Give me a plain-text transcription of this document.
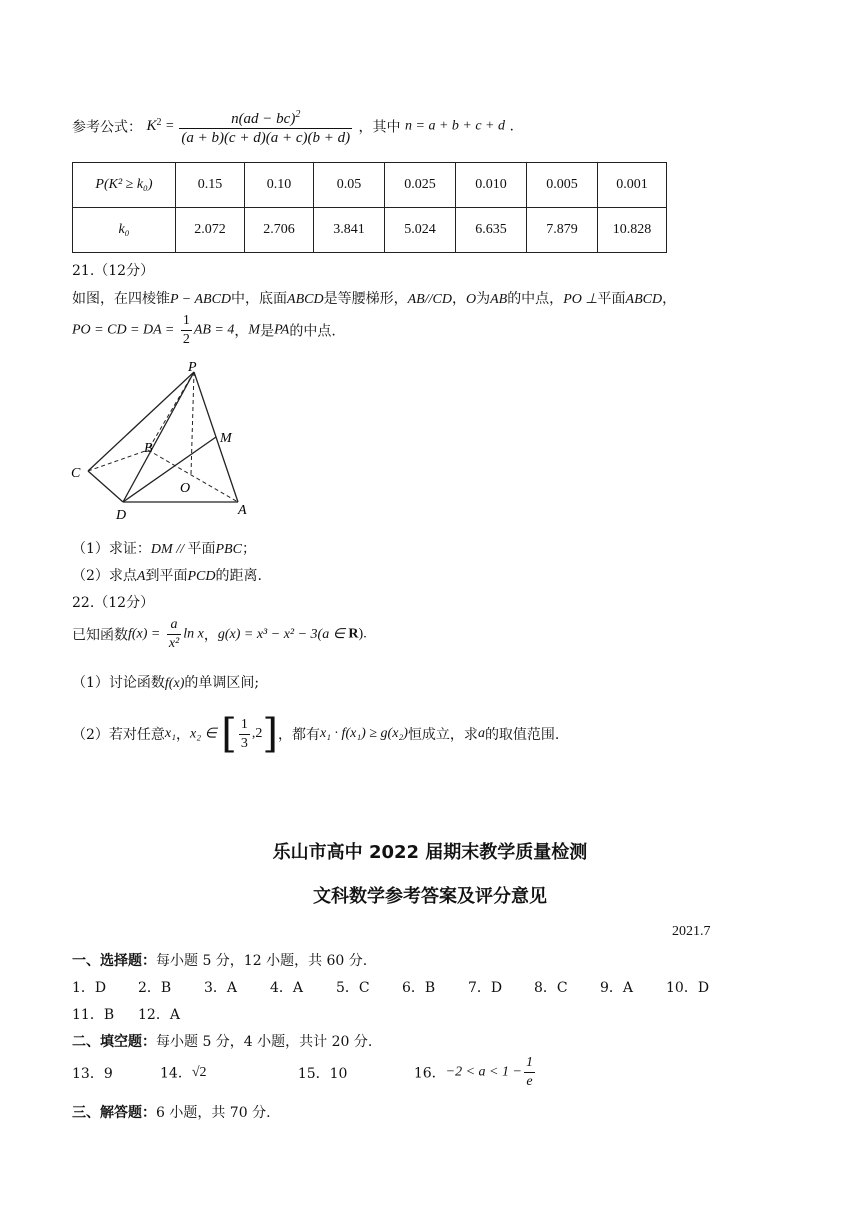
参考公式： $K^2 = \frac{n(ad - bc)^2}{(a + b)(c + d)(a + c)(b + d)}$ ，其中 n = a + b + c + d .
P(K² ≥ k₀)	0.15	0.10	0.05	0.025	0.010	0.005	0.001
k₀	2.072	2.706	3.841	5.024	6.635	7.879	10.828
21.（12分）
如图，在四棱锥P − ABCD中，底面ABCD是等腰梯形，AB//CD，O为AB的中点，PO ⊥平面ABCD，
PO = CD = DA = $\frac{1}{2}$ AB = 4，M是PA的中点.
P
M
B
C
O
D	A
（1）求证：DM // 平面PBC；
（2）求点A到平面PCD的距离.
22.（12分）
已知函数$f(x) = \frac{a}{\text{x²}}$ ln x，g(x) = x³ − x² − 3(a ∈ R).
（1）讨论函数f(x)的单调区间;
（2）若对任意x₁，x₂ ∈ [ $\frac{1}{3} ,2$]，都有x₁ · f(x₁) ≥ g(x₂)恒成立，求a的取值范围.
乐山市高中 2022 届期末教学质量检测
文科数学参考答案及评分意见
2021.7
一、选择题：每小题 5 分，12 小题，共 60 分.
1．D 2．B 3．A 4．A 5．C 6．B 7．D 8．C 9．A 10．D
11．B 12．A
二、填空题：每小题 5 分，4 小题，共计 20 分.
13．9	14．√2	15．10	16．$-2 < a < 1 - \frac{1}{e}$
三、解答题：6 小题，共 70 分.
